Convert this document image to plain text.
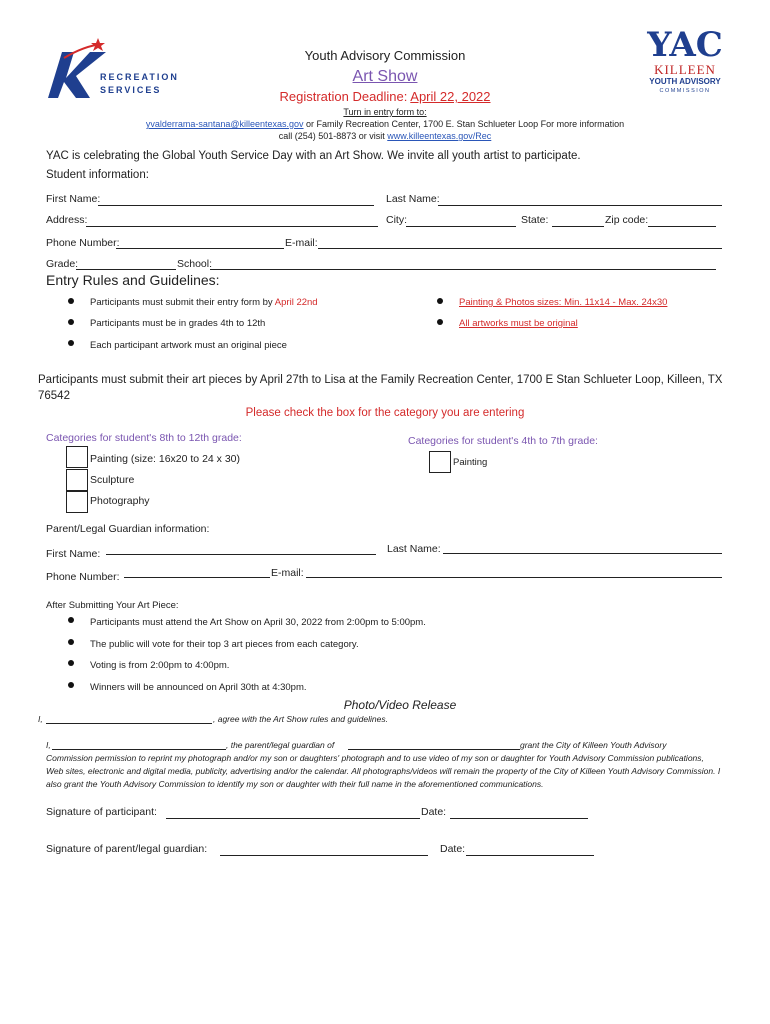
RECREATION
SERVICES
YAC
KILLEEN
YOUTH ADVISORY
COMMISSION
Youth Advisory Commission
Art Show
Registration Deadline: April 22, 2022
Turn in entry form to:
yvalderrama-santana@killeentexas.gov or Family Recreation Center, 1700 E. Stan Schlueter Loop For more information
call (254) 501-8873 or visit www.killeentexas.gov/Rec
YAC is celebrating the Global Youth Service Day with an Art Show. We invite all youth artist to participate.
Student information:
First Name:	Last Name:
Address:	City:	State:	Zip code:
Phone Number:	E-mail:
Grade:	School:
Entry Rules and Guidelines:
Participants must submit their entry form by April 22nd
Participants must be in grades 4th to 12th
Each participant artwork must an original piece
Painting & Photos sizes: Min. 11x14 - Max. 24x30
All artworks must be original
Participants must submit their art pieces by April 27th to Lisa at the Family Recreation Center, 1700 E Stan Schlueter Loop, Killeen, TX 76542
Please check the box for the category you are entering
Categories for student's 8th to 12th grade:
Painting (size: 16x20 to 24 x 30)
Sculpture
Photography
Categories for student's 4th to 7th grade:
Painting
Parent/Legal Guardian information:
First Name:	Last Name:
Phone Number:	E-mail:
After Submitting Your Art Piece:
Participants must attend the Art Show on April 30, 2022 from 2:00pm to 5:00pm.
The public will vote for their top 3 art pieces from each category.
Voting is from 2:00pm to 4:00pm.
Winners will be announced on April 30th at 4:30pm.
Photo/Video Release
I,	, agree with the Art Show rules and guidelines.
I,	, the parent/legal guardian of	grant the City of Killeen Youth Advisory
Commission permission to reprint my photograph and/or my son or daughters' photograph and to use video of my son or daughter for Youth Advisory Commission publications, Web sites, electronic and digital media, publicity, advertising and/or the calendar. All photographs/videos will remain the property of the City of Killeen Youth Advisory Commission. I also grant the Youth Advisory Commission to identify my son or daughter with their full name in the aforementioned communications.
Signature of participant:	Date:
Signature of parent/legal guardian:	Date:
